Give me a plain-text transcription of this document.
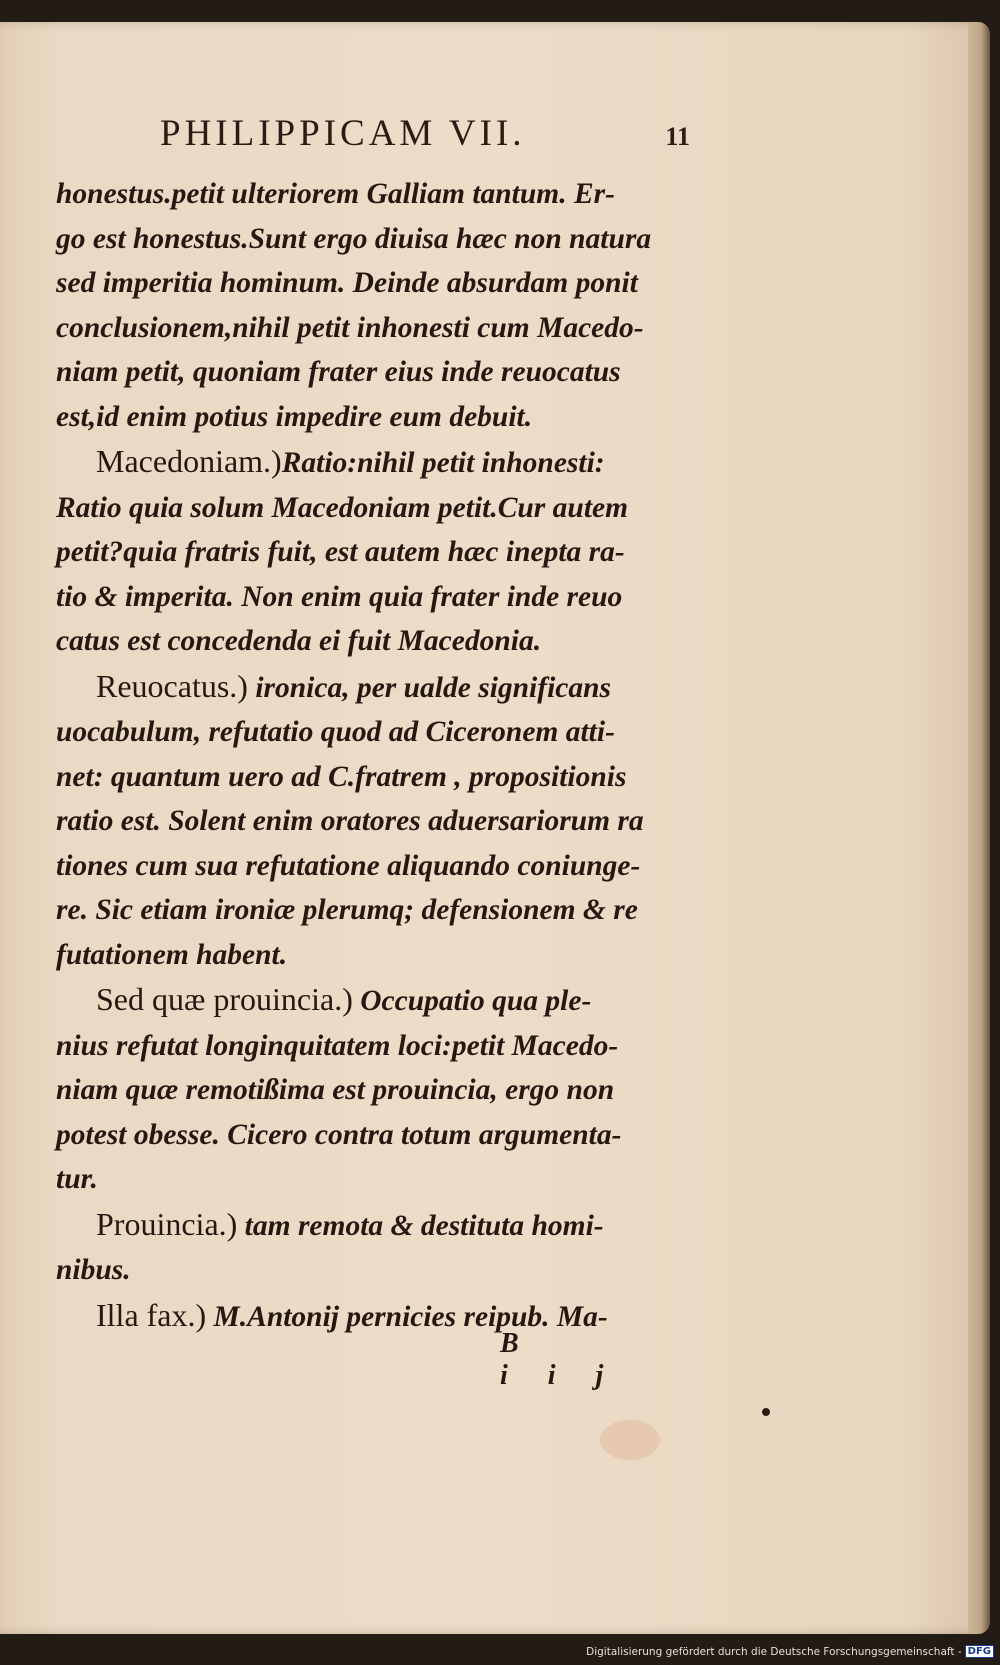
PHILIPPICAM VII.	11

honestus.petit ulteriorem Galliam tantum. Er-
go est honestus.Sunt ergo diuisa hæc non natura
sed imperitia hominum. Deinde absurdam ponit
conclusionem,nihil petit inhonesti cum Macedo-
niam petit, quoniam frater eius inde reuocatus
est,id enim potius impedire eum debuit.

Macedoniam.)Ratio:nihil petit inhonesti:
Ratio quia solum Macedoniam petit.Cur autem
petit?quia fratris fuit, est autem hæc inepta ra-
tio & imperita. Non enim quia frater inde reuo
catus est concedenda ei fuit Macedonia.

Reuocatus.) ironica, per ualde significans
uocabulum, refutatio quod ad Ciceronem atti-
net: quantum uero ad C.fratrem , propositionis
ratio est. Solent enim oratores aduersariorum ra
tiones cum sua refutatione aliquando coniunge-
re. Sic etiam ironiæ plerumq; defensionem & re
futationem habent.

Sed quæ prouincia.) Occupatio qua ple-
nius refutat longinquitatem loci:petit Macedo-
niam quæ remotißima est prouincia, ergo non
potest obesse. Cicero contra totum argumenta-
tur.

Prouincia.) tam remota & destituta homi-
nibus.

Illa fax.) M.Antonij pernicies reipub. Ma-

B iij
Digitalisierung gefördert durch die Deutsche Forschungsgemeinschaft - DFG
